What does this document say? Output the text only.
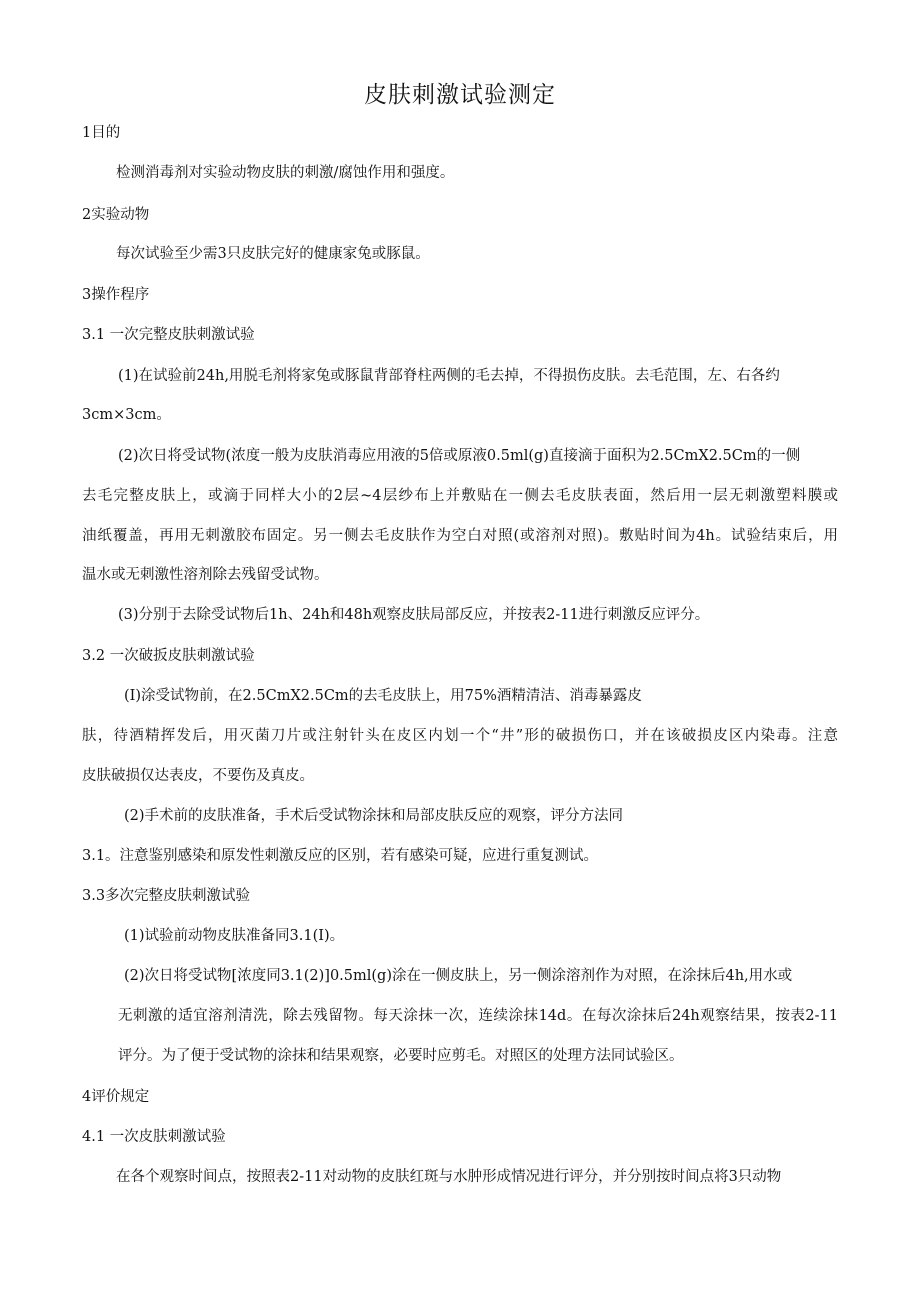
皮肤刺激试验测定
1目的
检测消毒剂对实验动物皮肤的刺激/腐蚀作用和强度。
2实验动物
每次试验至少需3只皮肤完好的健康家兔或豚鼠。
3操作程序
3.1 一次完整皮肤刺激试验
(1)在试验前24h,用脱毛剂将家兔或豚鼠背部脊柱两侧的毛去掉，不得损伤皮肤。去毛范围，左、右各约
3cm×3cm。
(2)次日将受试物(浓度一般为皮肤消毒应用液的5倍或原液0.5ml(g)直接滴于面积为2.5CmX2.5Cm的一侧
去毛完整皮肤上，或滴于同样大小的2层~4层纱布上并敷贴在一侧去毛皮肤表面，然后用一层无刺激塑料膜或
油纸覆盖，再用无刺激胶布固定。另一侧去毛皮肤作为空白对照(或溶剂对照)。敷贴时间为4h。试验结束后，用
温水或无刺激性溶剂除去残留受试物。
(3)分别于去除受试物后1h、24h和48h观察皮肤局部反应，并按表2-11进行刺激反应评分。
3.2 一次破扳皮肤刺激试验
(I)涂受试物前，在2.5CmX2.5Cm的去毛皮肤上，用75%酒精清洁、消毒暴露皮
肤，待酒精挥发后，用灭菌刀片或注射针头在皮区内划一个“井”形的破损伤口，并在该破损皮区内染毒。注意
皮肤破损仅达表皮，不要伤及真皮。
(2)手术前的皮肤准备，手术后受试物涂抹和局部皮肤反应的观察，评分方法同
3.1。注意鉴别感染和原发性刺激反应的区别，若有感染可疑，应进行重复测试。
3.3多次完整皮肤刺激试验
(1)试验前动物皮肤准备同3.1(I)。
(2)次日将受试物[浓度同3.1(2)]0.5ml(g)涂在一侧皮肤上，另一侧涂溶剂作为对照，在涂抹后4h,用水或
无刺激的适宜溶剂清洗，除去残留物。每天涂抹一次，连续涂抹14d。在每次涂抹后24h观察结果，按表2-11
评分。为了便于受试物的涂抹和结果观察，必要时应剪毛。对照区的处理方法同试验区。
4评价规定
4.1 一次皮肤刺激试验
在各个观察时间点，按照表2-11对动物的皮肤红斑与水肿形成情况进行评分，并分别按时间点将3只动物
